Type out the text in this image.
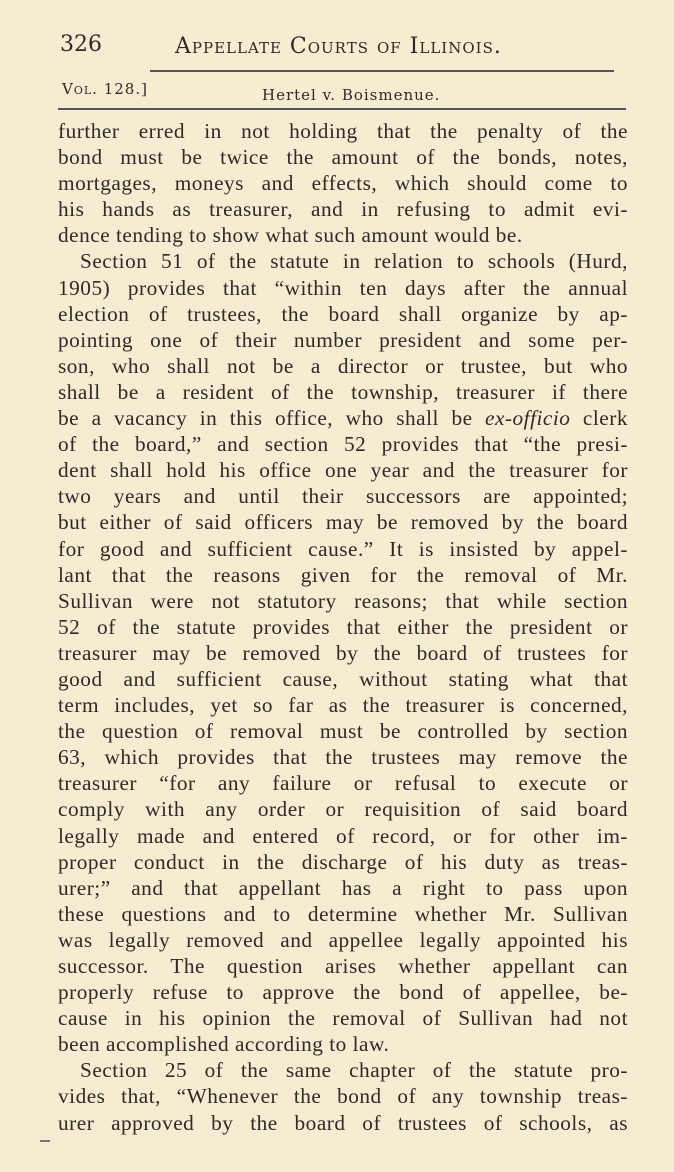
326	Appellate Courts of Illinois.
Vol. 128.]	Hertel v. Boismenue.
further erred in not holding that the penalty of the
bond must be twice the amount of the bonds, notes,
mortgages, moneys and effects, which should come to
his hands as treasurer, and in refusing to admit evi-
dence tending to show what such amount would be.
Section 51 of the statute in relation to schools (Hurd,
1905) provides that “within ten days after the annual
election of trustees, the board shall organize by ap-
pointing one of their number president and some per-
son, who shall not be a director or trustee, but who
shall be a resident of the township, treasurer if there
be a vacancy in this office, who shall be ex-officio clerk
of the board,” and section 52 provides that “the presi-
dent shall hold his office one year and the treasurer for
two years and until their successors are appointed;
but either of said officers may be removed by the board
for good and sufficient cause.” It is insisted by appel-
lant that the reasons given for the removal of Mr.
Sullivan were not statutory reasons; that while section
52 of the statute provides that either the president or
treasurer may be removed by the board of trustees for
good and sufficient cause, without stating what that
term includes, yet so far as the treasurer is concerned,
the question of removal must be controlled by section
63, which provides that the trustees may remove the
treasurer “for any failure or refusal to execute or
comply with any order or requisition of said board
legally made and entered of record, or for other im-
proper conduct in the discharge of his duty as treas-
urer;” and that appellant has a right to pass upon
these questions and to determine whether Mr. Sullivan
was legally removed and appellee legally appointed his
successor. The question arises whether appellant can
properly refuse to approve the bond of appellee, be-
cause in his opinion the removal of Sullivan had not
been accomplished according to law.
Section 25 of the same chapter of the statute pro-
vides that, “Whenever the bond of any township treas-
urer approved by the board of trustees of schools, as
